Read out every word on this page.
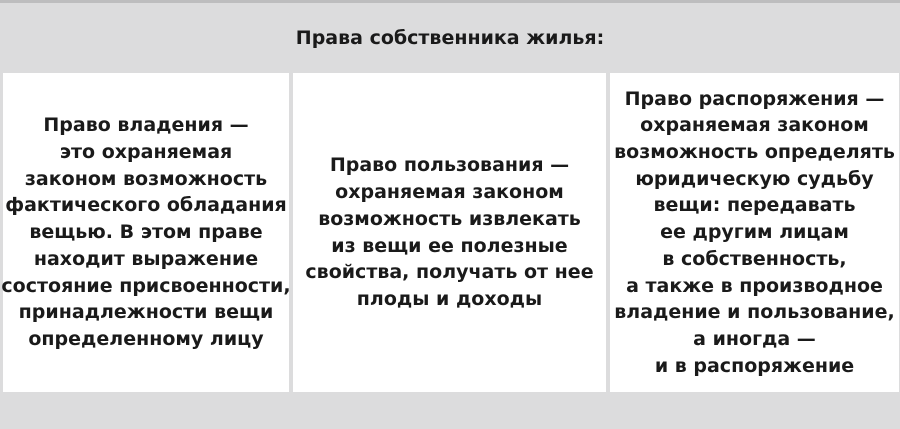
Права собственника жилья:
Право владения —
это охраняемая
законом возможность
фактического обладания
вещью. В этом праве
находит выражение
состояние присвоенности,
принадлежности вещи
определенному лицу
Право пользования —
охраняемая законом
возможность извлекать
из вещи ее полезные
свойства, получать от нее
плоды и доходы
Право распоряжения —
охраняемая законом
возможность определять
юридическую судьбу
вещи: передавать
ее другим лицам
в собственность,
а также в производное
владение и пользование,
а иногда —
и в распоряжение
